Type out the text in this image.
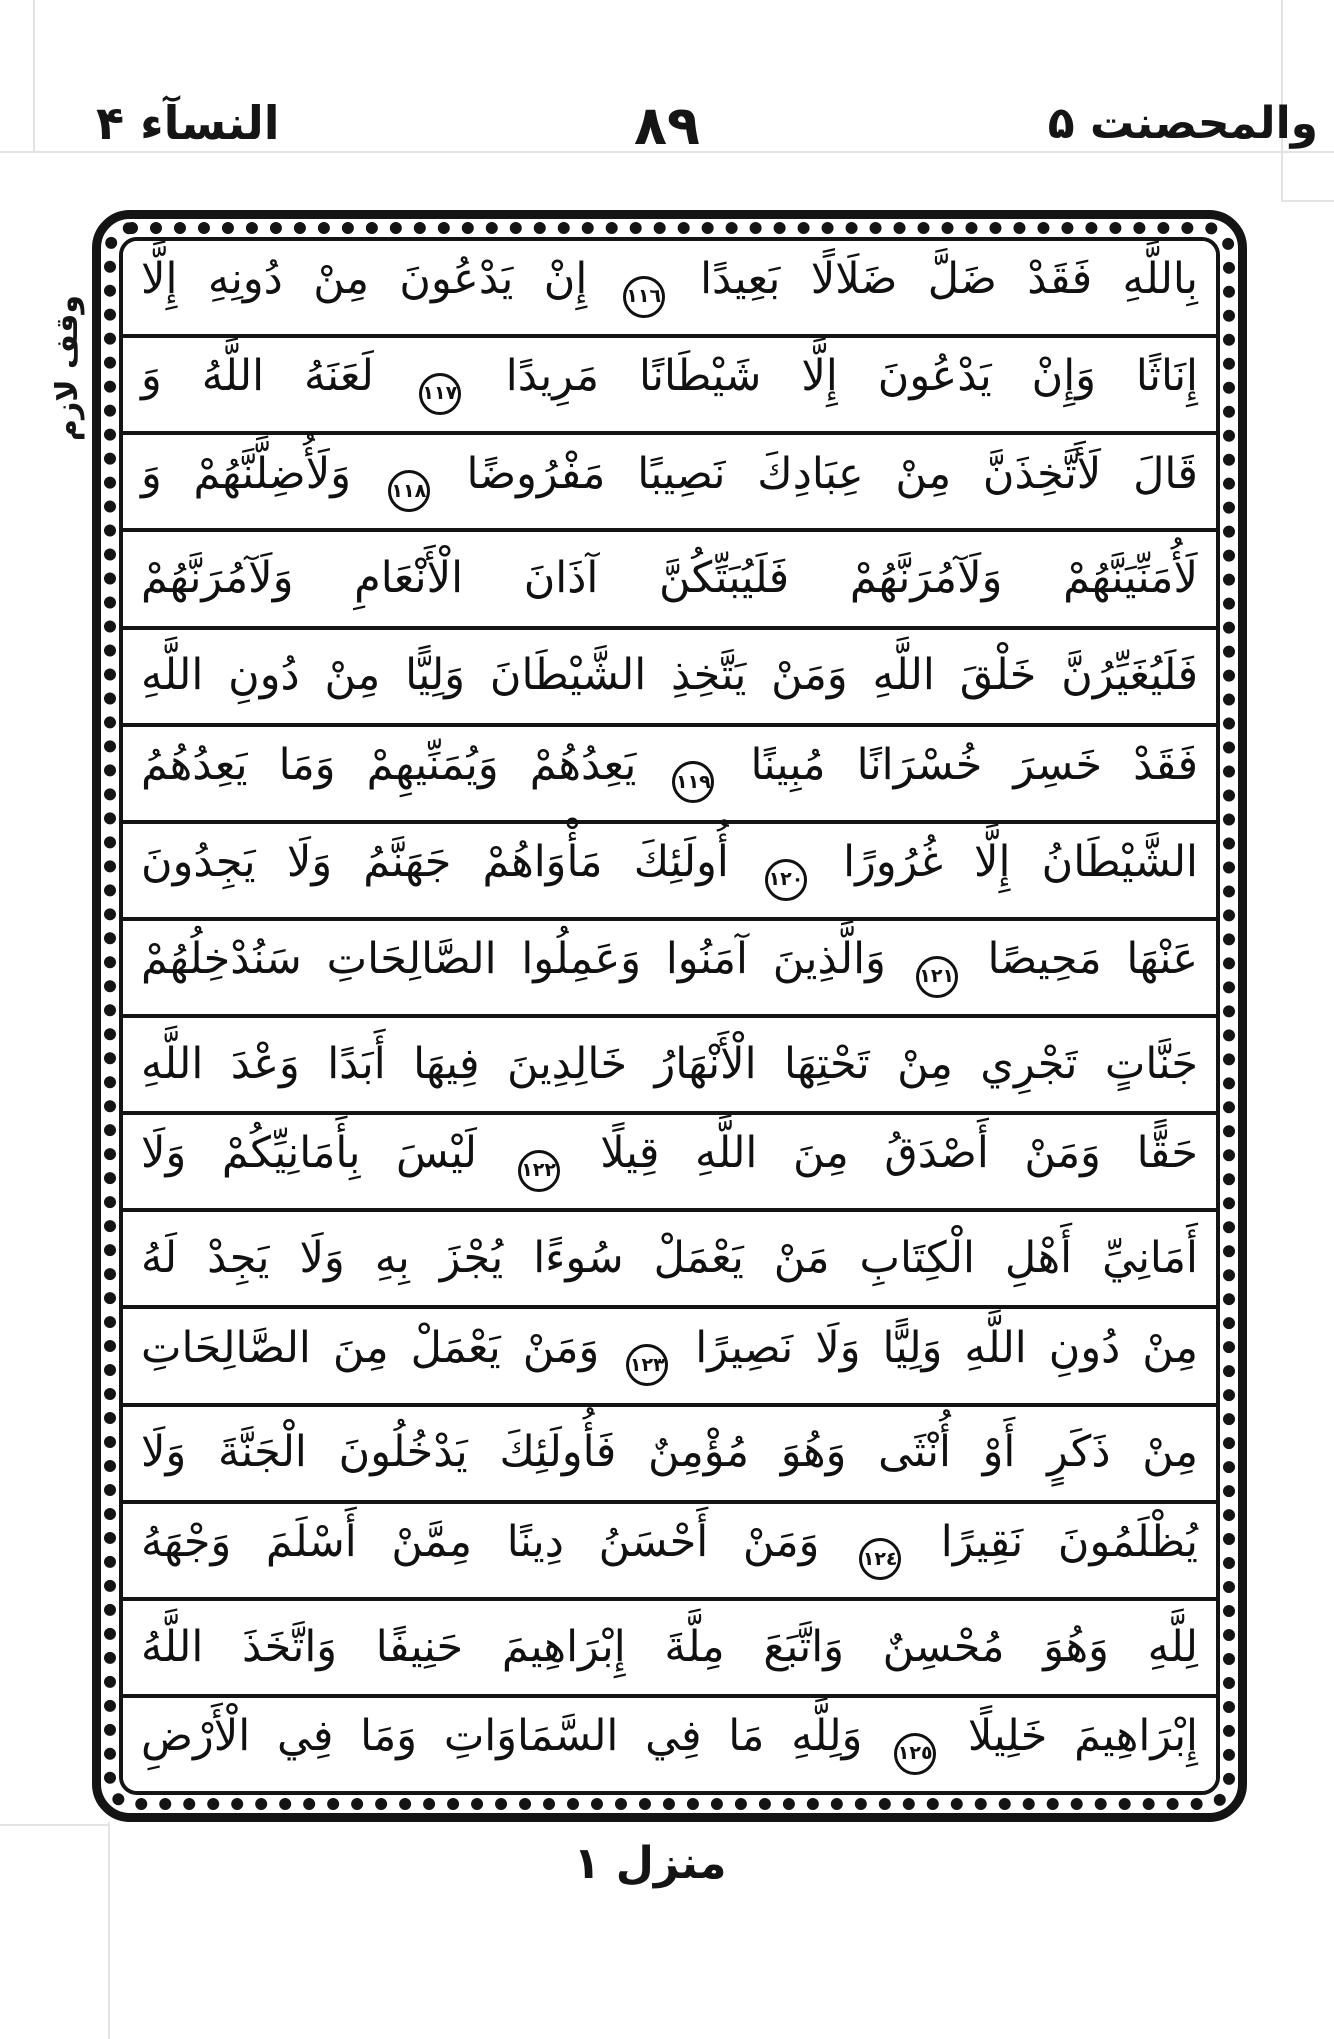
النسآء ۴	٨٩	والمحصنت ۵
وقف لازم
بِاللَّهِ فَقَدْ ضَلَّ ضَلَالًا بَعِيدًا ١١٦ إِنْ يَدْعُونَ مِنْ دُونِهِ إِلَّا
إِنَاثًا وَإِنْ يَدْعُونَ إِلَّا شَيْطَانًا مَرِيدًا ١١٧ لَعَنَهُ اللَّهُ وَ
قَالَ لَأَتَّخِذَنَّ مِنْ عِبَادِكَ نَصِيبًا مَفْرُوضًا ١١٨ وَلَأُضِلَّنَّهُمْ وَ
لَأُمَنِّيَنَّهُمْ وَلَآمُرَنَّهُمْ فَلَيُبَتِّكُنَّ آذَانَ الْأَنْعَامِ وَلَآمُرَنَّهُمْ
فَلَيُغَيِّرُنَّ خَلْقَ اللَّهِ وَمَنْ يَتَّخِذِ الشَّيْطَانَ وَلِيًّا مِنْ دُونِ اللَّهِ
فَقَدْ خَسِرَ خُسْرَانًا مُبِينًا ١١٩ يَعِدُهُمْ وَيُمَنِّيهِمْ وَمَا يَعِدُهُمُ
الشَّيْطَانُ إِلَّا غُرُورًا ١٢٠ أُولَئِكَ مَأْوَاهُمْ جَهَنَّمُ وَلَا يَجِدُونَ
عَنْهَا مَحِيصًا ١٢١ وَالَّذِينَ آمَنُوا وَعَمِلُوا الصَّالِحَاتِ سَنُدْخِلُهُمْ
جَنَّاتٍ تَجْرِي مِنْ تَحْتِهَا الْأَنْهَارُ خَالِدِينَ فِيهَا أَبَدًا وَعْدَ اللَّهِ
حَقًّا وَمَنْ أَصْدَقُ مِنَ اللَّهِ قِيلًا ١٢٢ لَيْسَ بِأَمَانِيِّكُمْ وَلَا
أَمَانِيِّ أَهْلِ الْكِتَابِ مَنْ يَعْمَلْ سُوءًا يُجْزَ بِهِ وَلَا يَجِدْ لَهُ
مِنْ دُونِ اللَّهِ وَلِيًّا وَلَا نَصِيرًا ١٢٣ وَمَنْ يَعْمَلْ مِنَ الصَّالِحَاتِ
مِنْ ذَكَرٍ أَوْ أُنْثَى وَهُوَ مُؤْمِنٌ فَأُولَئِكَ يَدْخُلُونَ الْجَنَّةَ وَلَا
يُظْلَمُونَ نَقِيرًا ١٢٤ وَمَنْ أَحْسَنُ دِينًا مِمَّنْ أَسْلَمَ وَجْهَهُ
لِلَّهِ وَهُوَ مُحْسِنٌ وَاتَّبَعَ مِلَّةَ إِبْرَاهِيمَ حَنِيفًا وَاتَّخَذَ اللَّهُ
إِبْرَاهِيمَ خَلِيلًا ١٢٥ وَلِلَّهِ مَا فِي السَّمَاوَاتِ وَمَا فِي الْأَرْضِ
منزل ١
